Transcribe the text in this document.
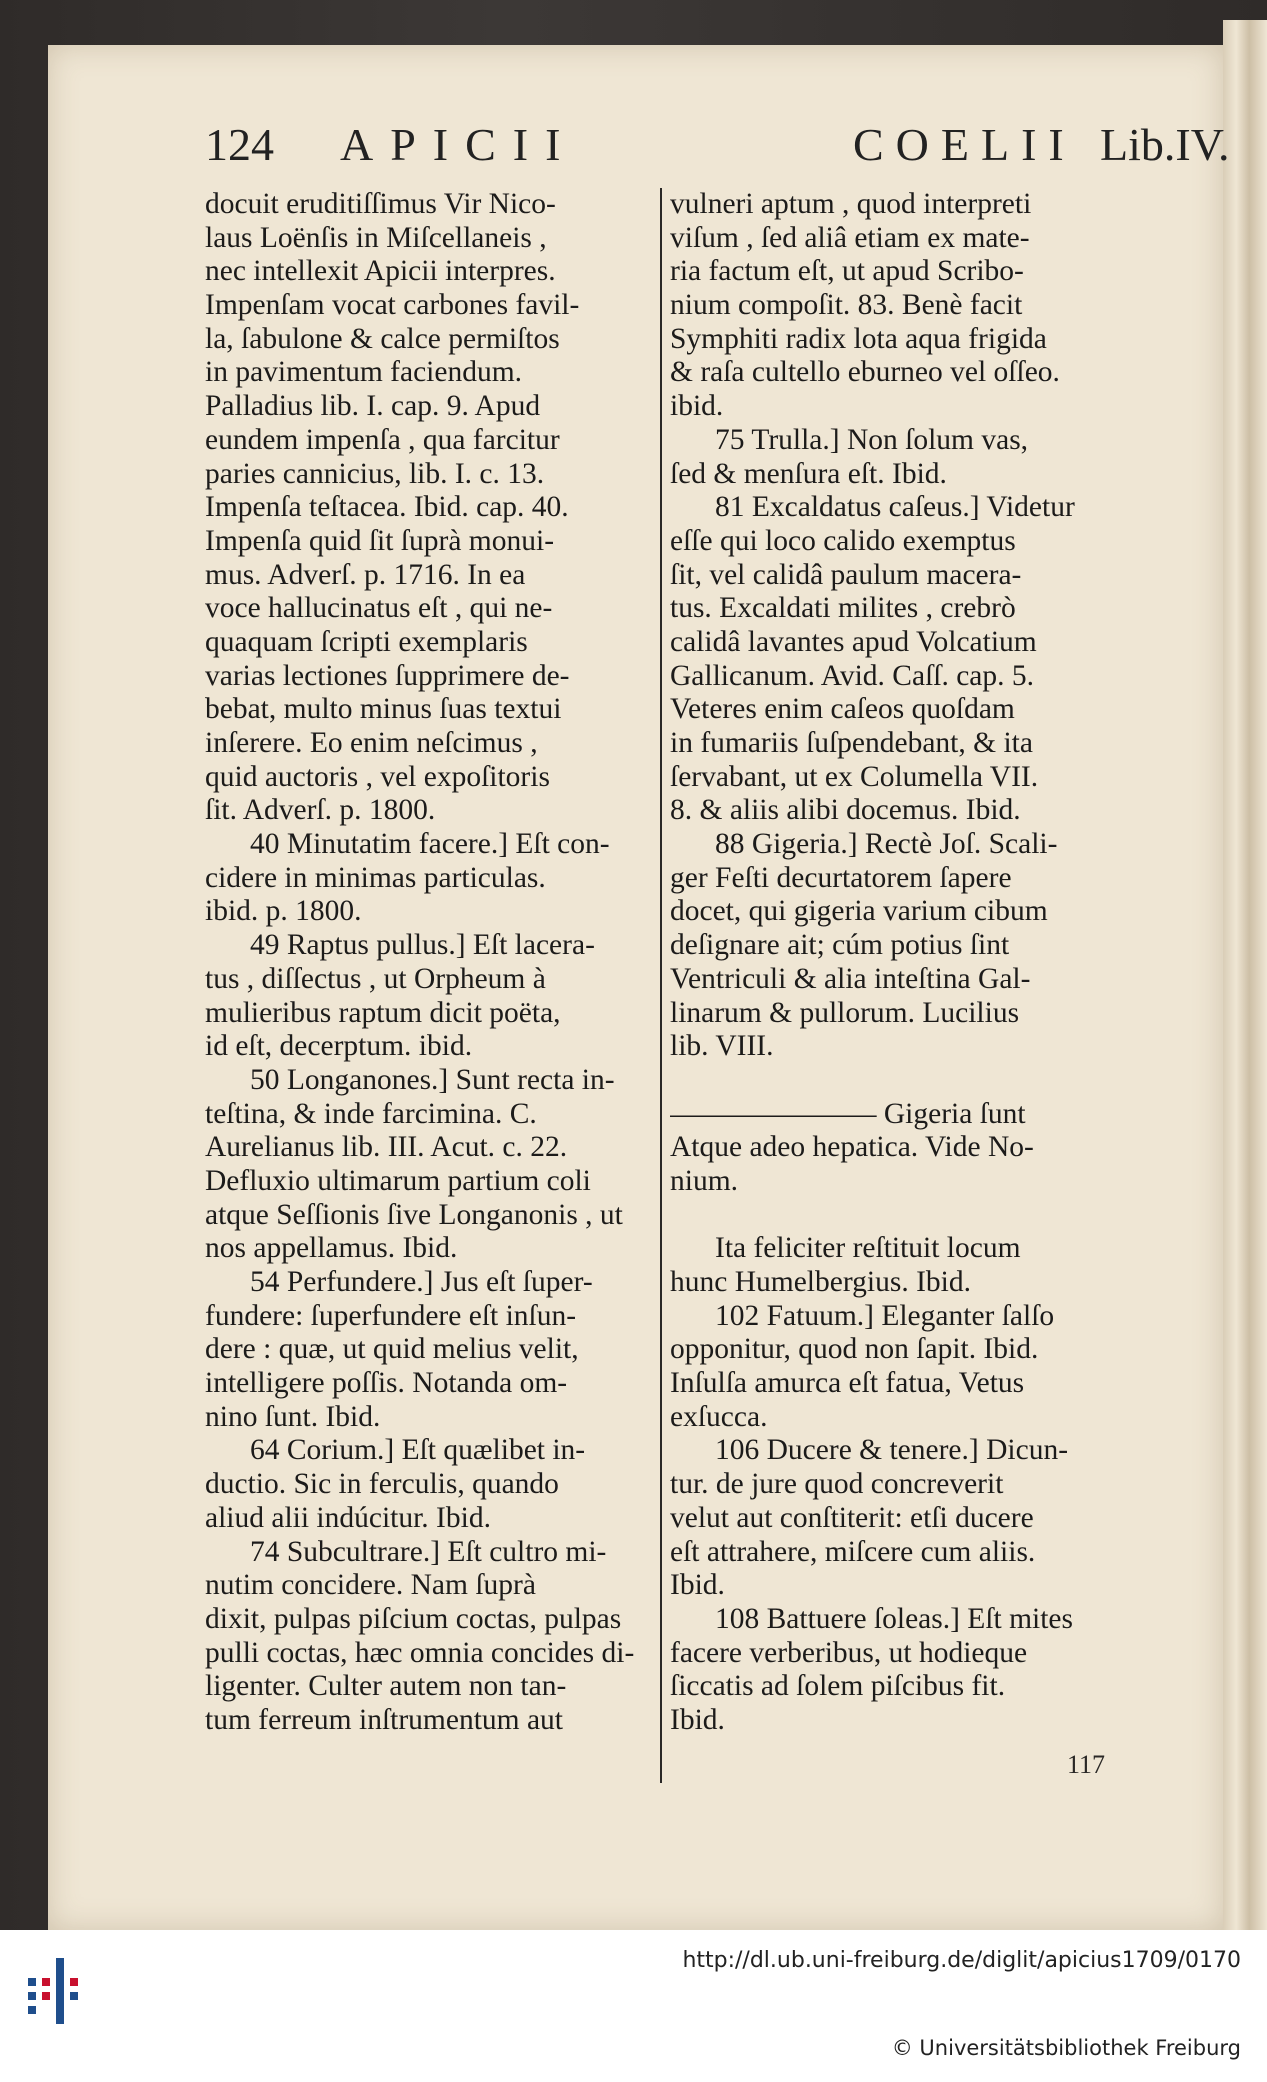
124 APICII	COELII Lib.IV.
docuit eruditiſſimus Vir Nico-
laus Loënſis in Miſcellaneis ,
nec intellexit Apicii interpres.
Impenſam vocat carbones favil-
la, ſabulone & calce permiſtos
in pavimentum faciendum.
Palladius lib. I. cap. 9. Apud
eundem impenſa , qua farcitur
paries cannicius, lib. I. c. 13.
Impenſa teſtacea. Ibid. cap. 40.
Impenſa quid ſit ſuprà monui-
mus. Adverſ. p. 1716. In ea
voce hallucinatus eſt , qui ne-
quaquam ſcripti exemplaris
varias lectiones ſupprimere de-
bebat, multo minus ſuas textui
inſerere. Eo enim neſcimus ,
quid auctoris , vel expoſitoris
ſit. Adverſ. p. 1800.
40 Minutatim facere.] Eſt con-
cidere in minimas particulas.
ibid. p. 1800.
49 Raptus pullus.] Eſt lacera-
tus , diſſectus , ut Orpheum à
mulieribus raptum dicit poëta,
id eſt, decerptum. ibid.
50 Longanones.] Sunt recta in-
teſtina, & inde farcimina. C.
Aurelianus lib. III. Acut. c. 22.
Defluxio ultimarum partium coli
atque Seſſionis ſive Longanonis , ut
nos appellamus. Ibid.
54 Perfundere.] Jus eſt ſuper-
fundere: ſuperfundere eſt inſun-
dere : quæ, ut quid melius velit,
intelligere poſſis. Notanda om-
nino ſunt. Ibid.
64 Corium.] Eſt quælibet in-
ductio. Sic in ferculis, quando
aliud alii indúcitur. Ibid.
74 Subcultrare.] Eſt cultro mi-
nutim concidere. Nam ſuprà
dixit, pulpas piſcium coctas, pulpas
pulli coctas, hæc omnia concides di-
ligenter. Culter autem non tan-
tum ferreum inſtrumentum aut
vulneri aptum , quod interpreti
viſum , ſed aliâ etiam ex mate-
ria factum eſt, ut apud Scribo-
nium compoſit. 83. Benè facit
Symphiti radix lota aqua frigida
& raſa cultello eburneo vel oſſeo.
ibid.
75 Trulla.] Non ſolum vas,
ſed & menſura eſt. Ibid.
81 Excaldatus caſeus.] Videtur
eſſe qui loco calido exemptus
ſit, vel calidâ paulum macera-
tus. Excaldati milites , crebrò
calidâ lavantes apud Volcatium
Gallicanum. Avid. Caſſ. cap. 5.
Veteres enim caſeos quoſdam
in fumariis ſuſpendebant, & ita
ſervabant, ut ex Columella VII.
8. & aliis alibi docemus. Ibid.
88 Gigeria.] Rectè Joſ. Scali-
ger Feſti decurtatorem ſapere
docet, qui gigeria varium cibum
deſignare ait; cúm potius ſint
Ventriculi & alia inteſtina Gal-
linarum & pullorum. Lucilius
lib. VIII.
——————— Gigeria ſunt
Atque adeo hepatica. Vide No-
nium.
Ita feliciter reſtituit locum
hunc Humelbergius. Ibid.
102 Fatuum.] Eleganter ſalſo
opponitur, quod non ſapit. Ibid.
Inſulſa amurca eſt fatua, Vetus
exſucca.
106 Ducere & tenere.] Dicun-
tur. de jure quod concreverit
velut aut conſtiterit: etſi ducere
eſt attrahere, miſcere cum aliis.
Ibid.
108 Battuere ſoleas.] Eſt mites
facere verberibus, ut hodieque
ſiccatis ad ſolem piſcibus fit.
Ibid.
117
http://dl.ub.uni-freiburg.de/diglit/apicius1709/0170
© Universitätsbibliothek Freiburg
